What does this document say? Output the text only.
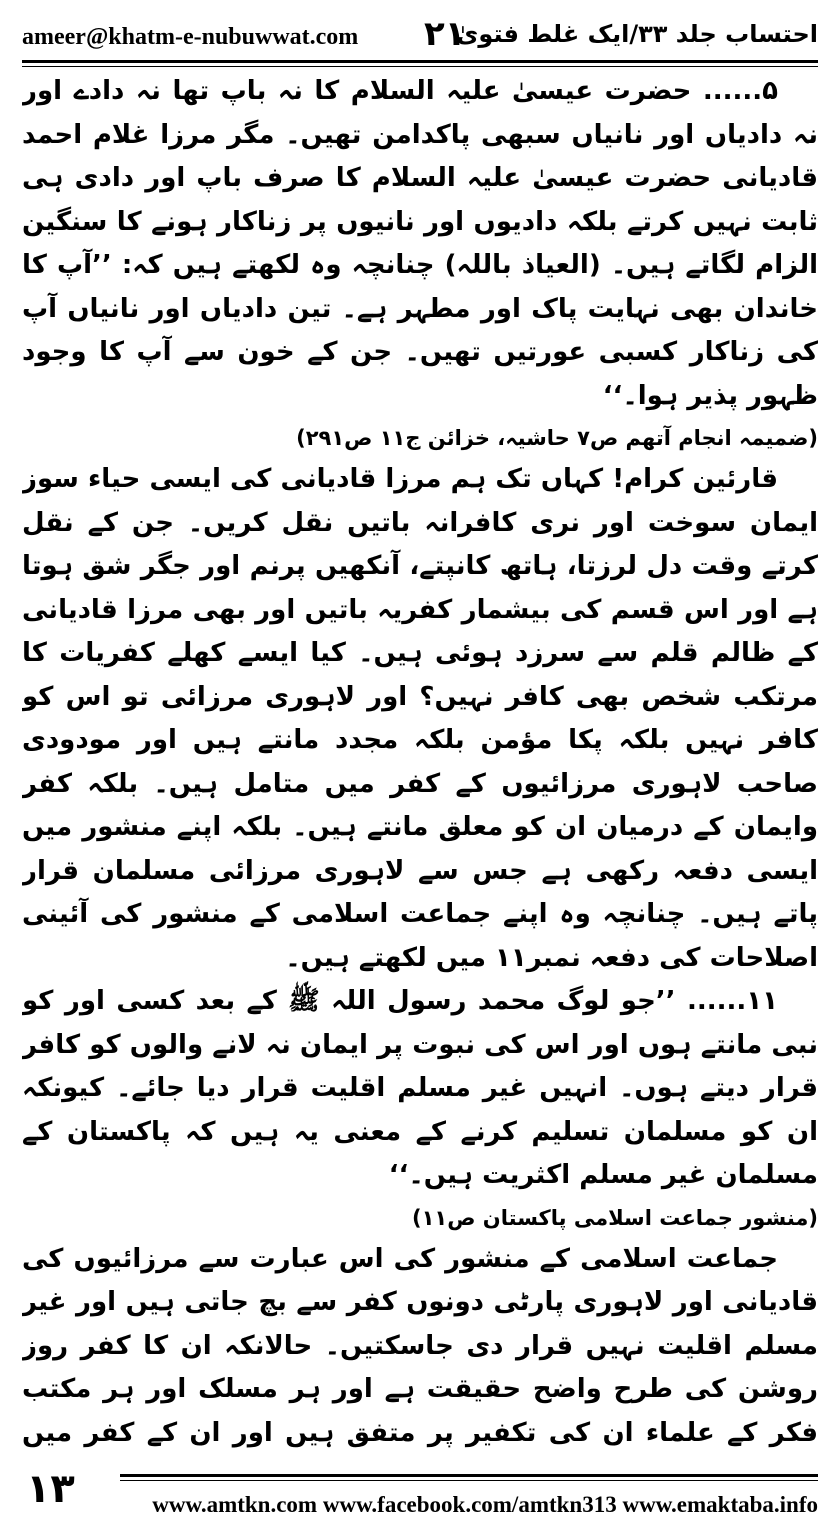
ameer@khatm-e-nubuwwat.com ۲۱
احتساب جلد ۳۳/ایک غلط فتویٰ

۵...... حضرت عیسیٰ علیہ السلام کا نہ باپ تھا نہ دادے اور نہ دادیاں اور نانیاں سبھی پاکدامن تھیں۔ مگر مرزا غلام احمد قادیانی حضرت عیسیٰ علیہ السلام کا صرف باپ اور دادی ہی ثابت نہیں کرتے بلکہ دادیوں اور نانیوں پر زناکار ہونے کا سنگین الزام لگاتے ہیں۔ (العیاذ باللہ) چنانچہ وہ لکھتے ہیں کہ: ’’آپ کا خاندان بھی نہایت پاک اور مطہر ہے۔ تین دادیاں اور نانیاں آپ کی زناکار کسبی عورتیں تھیں۔ جن کے خون سے آپ کا وجود ظہور پذیر ہوا۔‘‘

(ضمیمہ انجام آتھم ص۷ حاشیہ، خزائن ج۱۱ ص۲۹۱)

قارئین کرام! کہاں تک ہم مرزا قادیانی کی ایسی حیاء سوز ایمان سوخت اور نری کافرانہ باتیں نقل کریں۔ جن کے نقل کرتے وقت دل لرزتا، ہاتھ کانپتے، آنکھیں پرنم اور جگر شق ہوتا ہے اور اس قسم کی بیشمار کفریہ باتیں اور بھی مرزا قادیانی کے ظالم قلم سے سرزد ہوئی ہیں۔ کیا ایسے کھلے کفریات کا مرتکب شخص بھی کافر نہیں؟ اور لاہوری مرزائی تو اس کو کافر نہیں بلکہ پکا مؤمن بلکہ مجدد مانتے ہیں اور مودودی صاحب لاہوری مرزائیوں کے کفر میں متامل ہیں۔ بلکہ کفر وایمان کے درمیان ان کو معلق مانتے ہیں۔ بلکہ اپنے منشور میں ایسی دفعہ رکھی ہے جس سے لاہوری مرزائی مسلمان قرار پاتے ہیں۔ چنانچہ وہ اپنے جماعت اسلامی کے منشور کی آئینی اصلاحات کی دفعہ نمبر۱۱ میں لکھتے ہیں۔

۱۱...... ’’جو لوگ محمد رسول اللہ ﷺ کے بعد کسی اور کو نبی مانتے ہوں اور اس کی نبوت پر ایمان نہ لانے والوں کو کافر قرار دیتے ہوں۔ انہیں غیر مسلم اقلیت قرار دیا جائے۔ کیونکہ ان کو مسلمان تسلیم کرنے کے معنی یہ ہیں کہ پاکستان کے مسلمان غیر مسلم اکثریت ہیں۔‘‘

(منشور جماعت اسلامی پاکستان ص۱۱)

جماعت اسلامی کے منشور کی اس عبارت سے مرزائیوں کی قادیانی اور لاہوری پارٹی دونوں کفر سے بچ جاتی ہیں اور غیر مسلم اقلیت نہیں قرار دی جاسکتیں۔ حالانکہ ان کا کفر روز روشن کی طرح واضح حقیقت ہے اور ہر مسلک اور ہر مکتب فکر کے علماء ان کی تکفیر پر متفق ہیں اور ان کے کفر میں

۱۳	www.amtkn.com www.facebook.com/amtkn313 www.emaktaba.info
